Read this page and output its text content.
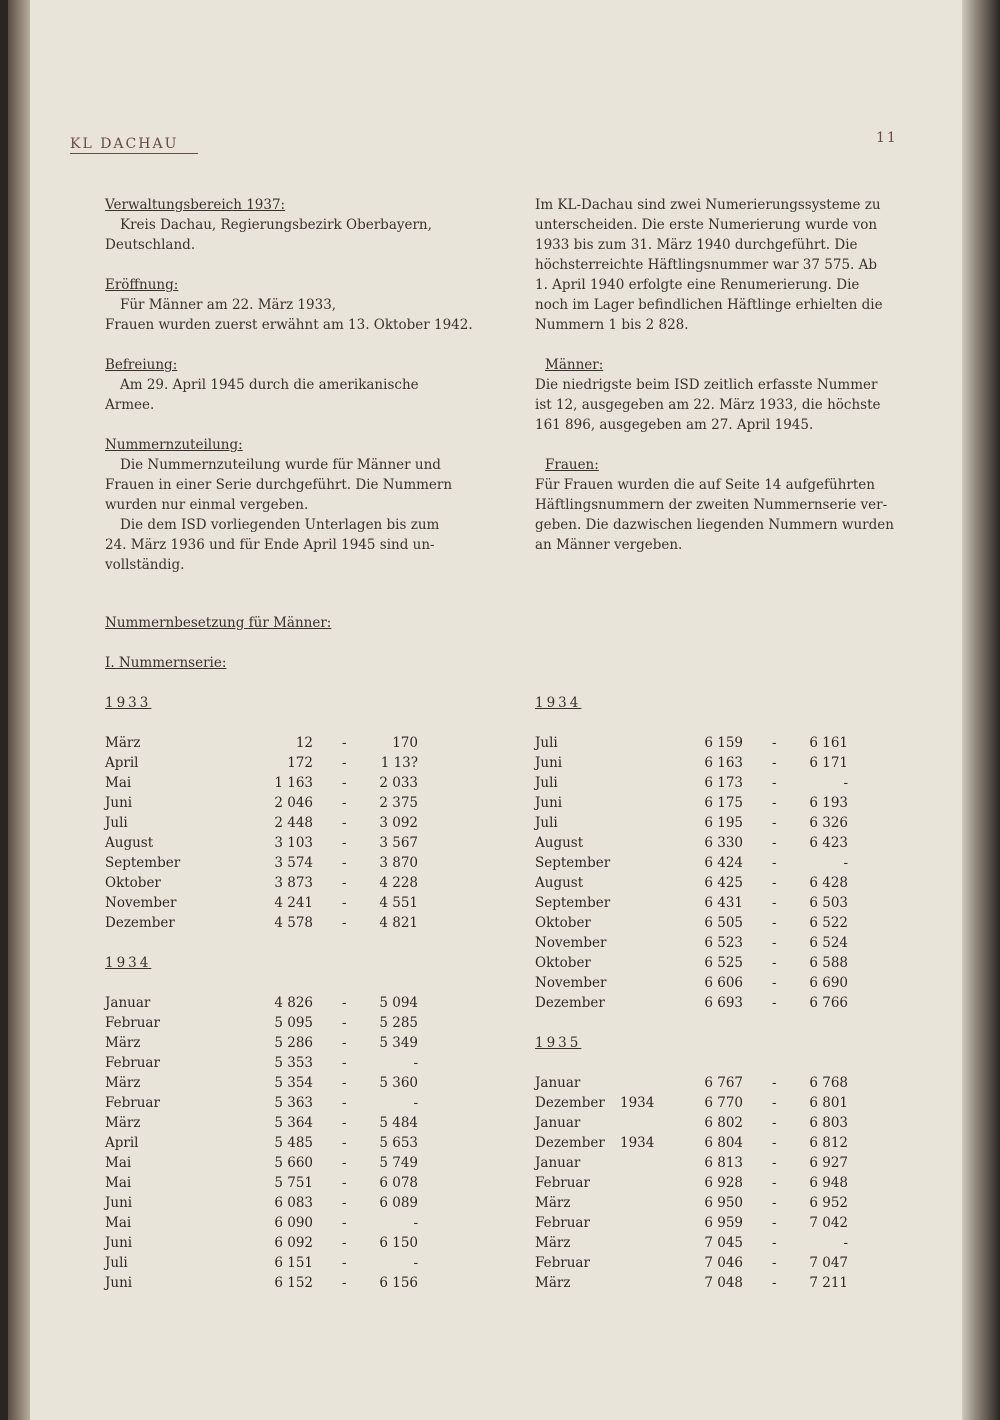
KL DACHAU	11
Verwaltungsbereich 1937:
Kreis Dachau, Regierungsbezirk Oberbayern,
Deutschland.
Eröffnung:
Für Männer am 22. März 1933,
Frauen wurden zuerst erwähnt am 13. Oktober 1942.
Befreiung:
Am 29. April 1945 durch die amerikanische
Armee.
Nummernzuteilung:
Die Nummernzuteilung wurde für Männer und
Frauen in einer Serie durchgeführt. Die Nummern
wurden nur einmal vergeben.
Die dem ISD vorliegenden Unterlagen bis zum
24. März 1936 und für Ende April 1945 sind un-
vollständig.
Im KL-Dachau sind zwei Numerierungssysteme zu
unterscheiden. Die erste Numerierung wurde von
1933 bis zum 31. März 1940 durchgeführt. Die
höchsterreichte Häftlingsnummer war 37 575. Ab
1. April 1940 erfolgte eine Renumerierung. Die
noch im Lager befindlichen Häftlinge erhielten die
Nummern 1 bis 2 828.
Männer:
Die niedrigste beim ISD zeitlich erfasste Nummer
ist 12, ausgegeben am 22. März 1933, die höchste
161 896, ausgegeben am 27. April 1945.
Frauen:
Für Frauen wurden die auf Seite 14 aufgeführten
Häftlingsnummern der zweiten Nummernserie ver-
geben. Die dazwischen liegenden Nummern wurden
an Männer vergeben.
Nummernbesetzung für Männer:
I. Nummernserie:
1933
März	12 -	170
April	172 -	1 13?
Mai	1 163 - 2 033
Juni	2 046 - 2 375
Juli	2 448 - 3 092
August	3 103 - 3 567
September	3 574 - 3 870
Oktober	3 873 - 4 228
November	4 241 - 4 551
Dezember	4 578 - 4 821
1934
Januar	4 826 - 5 094
Februar	5 095 - 5 285
März	5 286 - 5 349
Februar	5 353 -	-
März	5 354 - 5 360
Februar	5 363 -	-
März	5 364 - 5 484
April	5 485 - 5 653
Mai	5 660 - 5 749
Mai	5 751 - 6 078
Juni	6 083 - 6 089
Mai	6 090 -	-
Juni	6 092 - 6 150
Juli	6 151 -	-
Juni	6 152 - 6 156
1934
Juli	6 159 - 6 161
Juni	6 163 - 6 171
Juli	6 173 -	-
Juni	6 175 - 6 193
Juli	6 195 - 6 326
August	6 330 - 6 423
September	6 424 -	-
August	6 425 - 6 428
September	6 431 - 6 503
Oktober	6 505 - 6 522
November	6 523 - 6 524
Oktober	6 525 - 6 588
November	6 606 - 6 690
Dezember	6 693 - 6 766
1935
Januar	6 767 - 6 768
Dezember 1934	6 770 - 6 801
Januar	6 802 - 6 803
Dezember 1934	6 804 - 6 812
Januar	6 813 - 6 927
Februar	6 928 - 6 948
März	6 950 - 6 952
Februar	6 959 - 7 042
März	7 045 -	-
Februar	7 046 - 7 047
März	7 048 - 7 211
